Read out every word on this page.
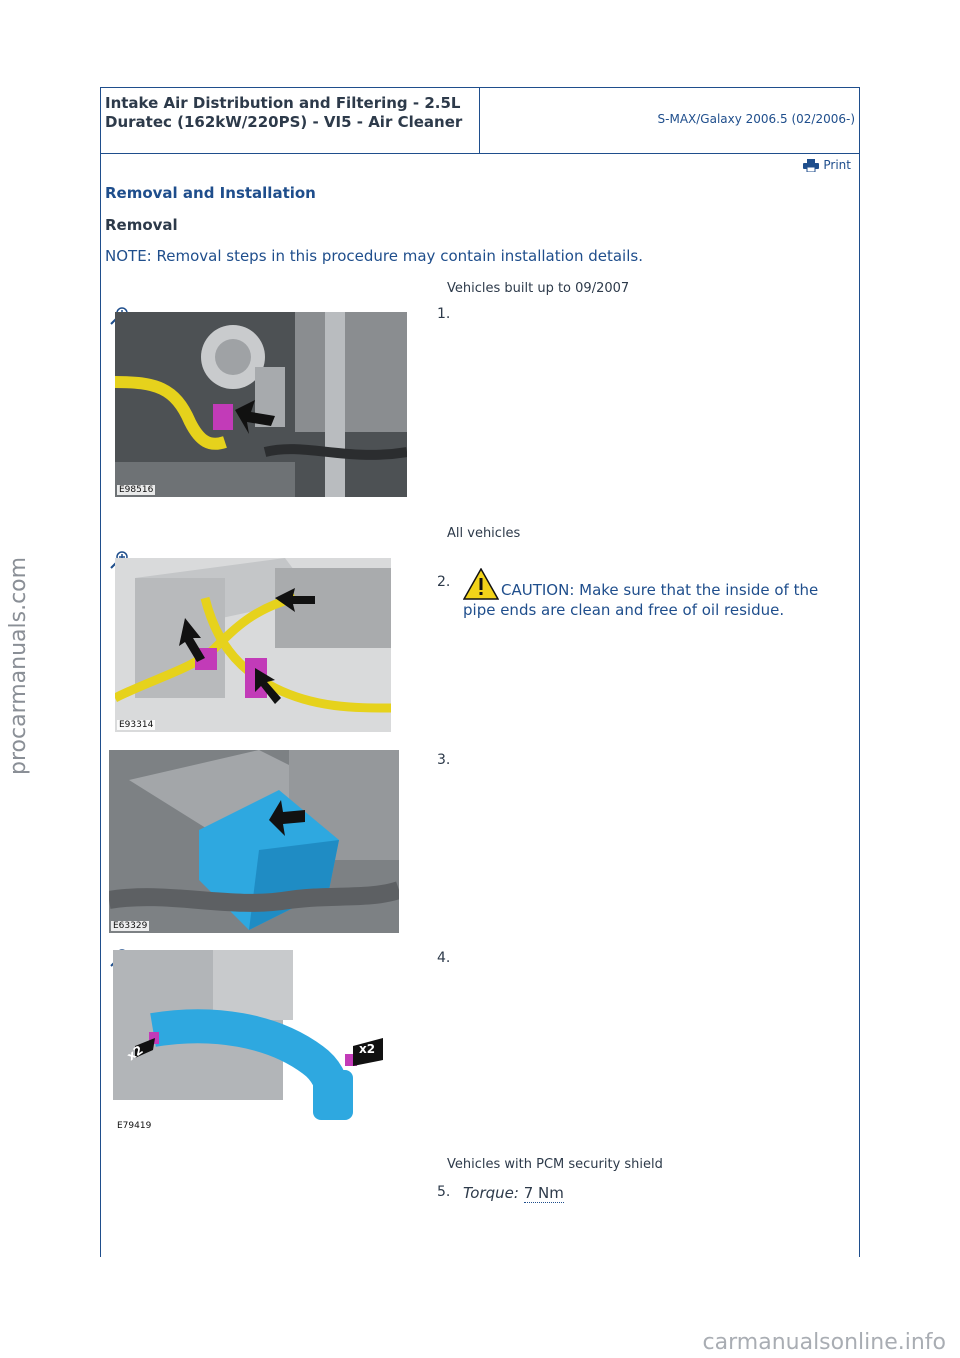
Intake Air Distribution and Filtering - 2.5L Duratec (162kW/220PS) - VI5 - Air Cleaner	S-MAX/Galaxy 2006.5 (02/2006-)
Print
Removal and Installation
Removal
NOTE: Removal steps in this procedure may contain installation details.
Vehicles built up to 09/2007
E98516
1.
All vehicles
E93314
2.	CAUTION: Make sure that the inside of the pipe ends are clean and free of oil residue.
E63329
3.
x2	x2
E79419
4.
Vehicles with PCM security shield
5. Torque: 7 Nm
procarmanuals.com
carmanualsonline.info
